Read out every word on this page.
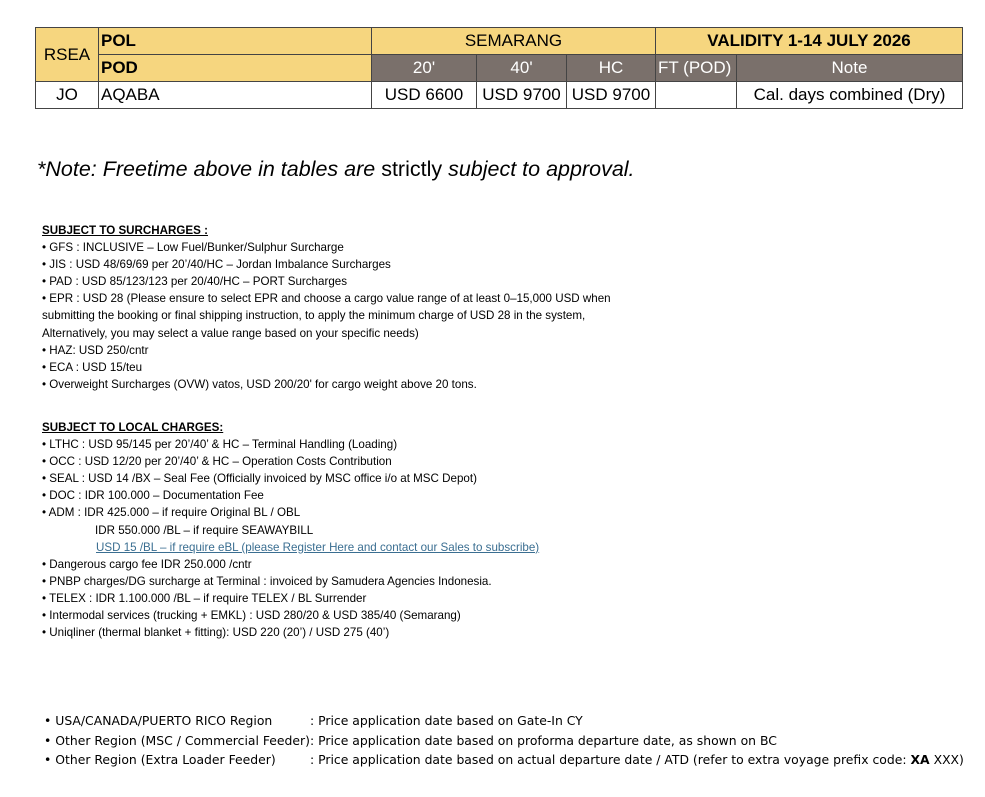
RSEA	POL	SEMARANG			VALIDITY 1-14 JULY 2026	
	POD	20'	40'	HC	FT (POD)	Note
JO	AQABA	USD 6600	USD 9700	USD 9700		Cal. days combined (Dry)
*Note: Freetime above in tables are strictly subject to approval.
SUBJECT TO SURCHARGES :
• GFS : INCLUSIVE – Low Fuel/Bunker/Sulphur Surcharge
• JIS : USD 48/69/69 per 20’/40/HC – Jordan Imbalance Surcharges
• PAD : USD 85/123/123 per 20/40/HC – PORT Surcharges
• EPR : USD 28 (Please ensure to select EPR and choose a cargo value range of at least 0–15,000 USD when
submitting the booking or final shipping instruction, to apply the minimum charge of USD 28 in the system,
Alternatively, you may select a value range based on your specific needs)
• HAZ: USD 250/cntr
• ECA : USD 15/teu
• Overweight Surcharges (OVW) vatos, USD 200/20' for cargo weight above 20 tons.
SUBJECT TO LOCAL CHARGES:
• LTHC : USD 95/145 per 20’/40’ & HC – Terminal Handling (Loading)
• OCC : USD 12/20 per 20’/40’ & HC – Operation Costs Contribution
• SEAL : USD 14 /BX – Seal Fee (Officially invoiced by MSC office i/o at MSC Depot)
• DOC : IDR 100.000 – Documentation Fee
• ADM : IDR 425.000 – if require Original BL / OBL
IDR 550.000 /BL – if require SEAWAYBILL
USD 15 /BL – if require eBL (please Register Here and contact our Sales to subscribe)
• Dangerous cargo fee IDR 250.000 /cntr
• PNBP charges/DG surcharge at Terminal : invoiced by Samudera Agencies Indonesia.
• TELEX : IDR 1.100.000 /BL – if require TELEX / BL Surrender
• Intermodal services (trucking + EMKL) : USD 280/20 & USD 385/40 (Semarang)
• Uniqliner (thermal blanket + fitting): USD 220 (20’) / USD 275 (40’)
• USA/CANADA/PUERTO RICO Region	: Price application date based on Gate-In CY
• Other Region (MSC / Commercial Feeder) : Price application date based on proforma departure date, as shown on BC
• Other Region (Extra Loader Feeder)	: Price application date based on actual departure date / ATD (refer to extra voyage prefix code: XA XXX)
